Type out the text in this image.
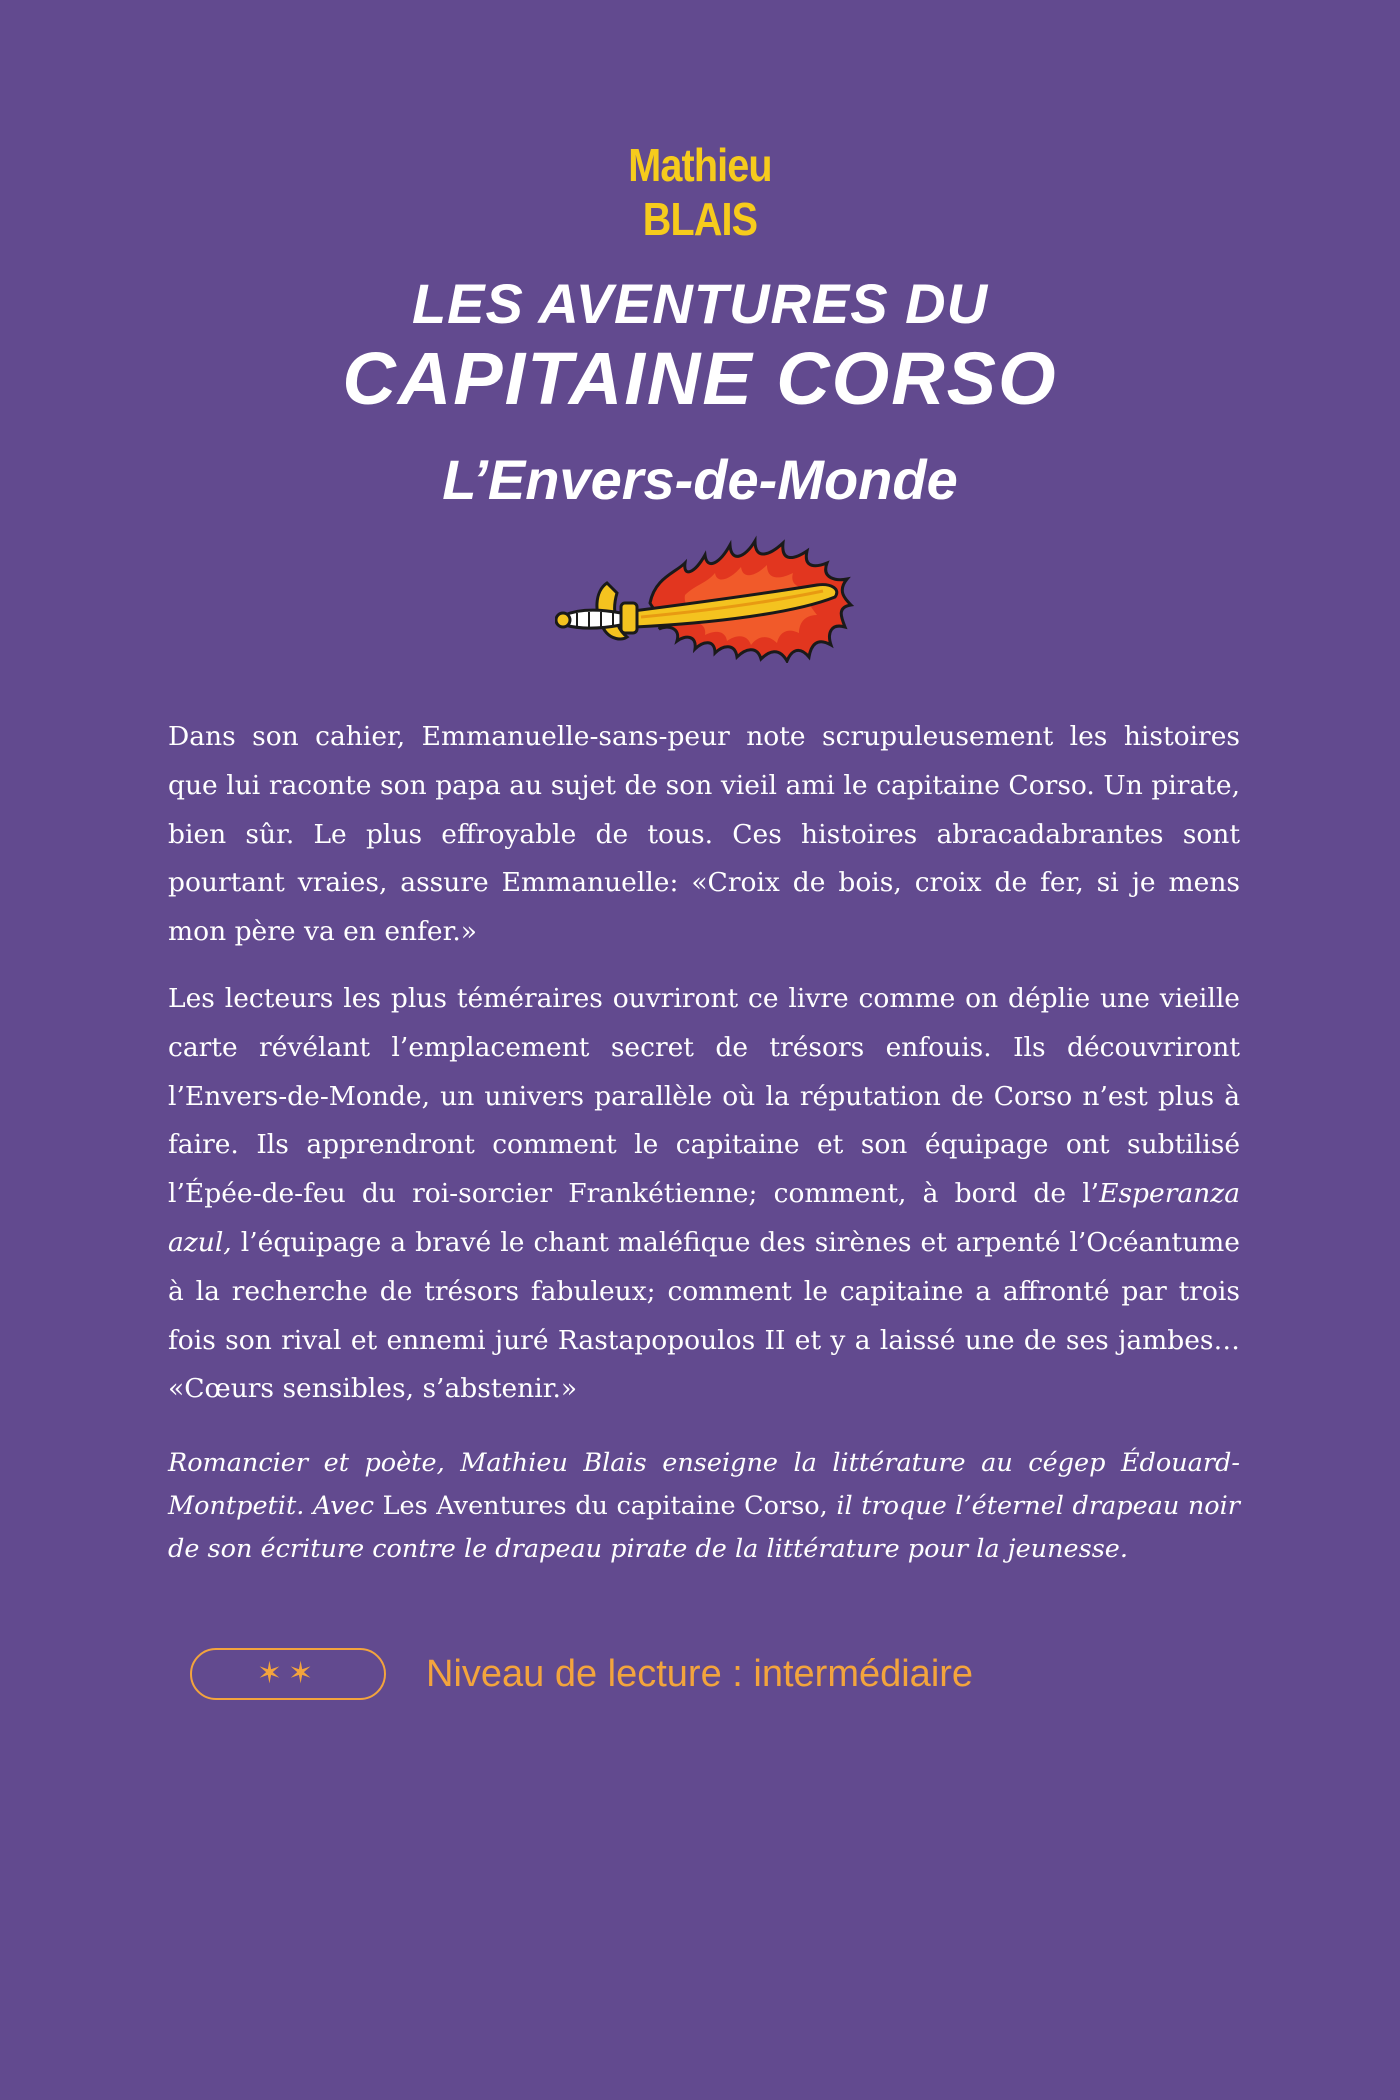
Mathieu
BLAIS
LES AVENTURES DU
CAPITAINE CORSO
L’Envers-de-Monde

Dans son cahier, Emmanuelle-sans-peur note scrupuleusement les histoires que lui raconte son papa au sujet de son vieil ami le capitaine Corso. Un pirate, bien sûr. Le plus effroyable de tous. Ces histoires abracadabrantes sont pourtant vraies, assure Emmanuelle: «Croix de bois, croix de fer, si je mens mon père va en enfer.»

Les lecteurs les plus téméraires ouvriront ce livre comme on déplie une vieille carte révélant l’emplacement secret de trésors enfouis. Ils découvriront l’Envers-de-Monde, un univers parallèle où la réputation de Corso n’est plus à faire. Ils apprendront comment le capitaine et son équipage ont subtilisé l’Épée-de-feu du roi-sorcier Frankétienne; comment, à bord de l’Esperanza azul, l’équipage a bravé le chant maléfique des sirènes et arpenté l’Océantume à la recherche de trésors fabuleux; comment le capitaine a affronté par trois fois son rival et ennemi juré Rastapopoulos II et y a laissé une de ses jambes… «Cœurs sensibles, s’abstenir.»

Romancier et poète, Mathieu Blais enseigne la littérature au cégep Édouard-Montpetit. Avec Les Aventures du capitaine Corso, il troque l’éternel drapeau noir de son écriture contre le drapeau pirate de la littérature pour la jeunesse.

✶✶	Niveau de lecture : intermédiaire
